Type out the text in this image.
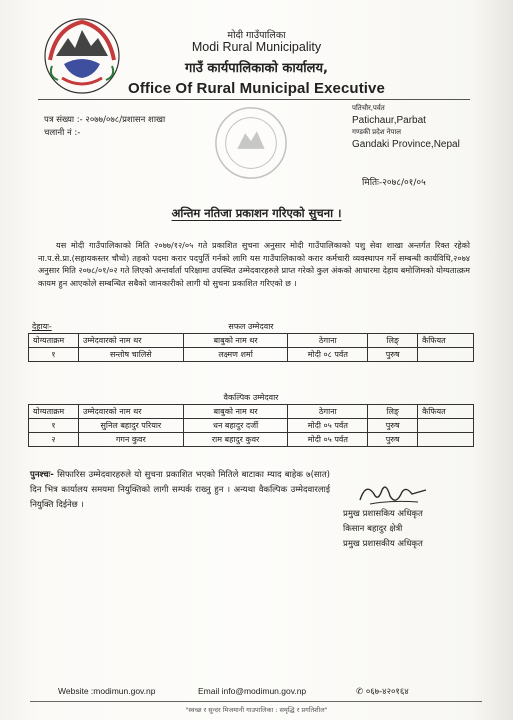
मोदी गाउँपालिका
Modi Rural Municipality
गाउँ कार्यपालिकाको कार्यालय,
Office Of Rural Municipal Executive
पत्र संख्या :- २०७७/०७८/प्रशासन शाखा
चलानी नं :-
पतिचौर,पर्वत
Patichaur,Parbat
गण्डकी प्रदेश नेपाल
Gandaki Province,Nepal
मितिः-२०७८/०१/०५
अन्तिम नतिजा प्रकाशन गरिएको सुचना ।
यस मोदी गाउँपालिकाको मिति २०७७/१२/०५ गते प्रकाशित सुचना अनुसार मोदी गाउँपालिकाको पशु सेवा शाखा अन्तर्गत रिक्त रहेको ना.प.से.प्रा.(सहायकस्तर चौथो) तहको पदमा करार पदपुर्ति गर्नको लागि यस गाउँपालिकाको करार कर्मचारी व्यवस्थापन गर्ने सम्बन्धी कार्यविधि,२०७४ अनुसार मिति २०७८/०१/०२ गते लिएको अन्तर्वार्ता परिक्षामा उपस्थित उम्मेदवारहरुले प्राप्त गरेको कुल अंकको आधारमा देहाय बमोजिमको योग्यतात्क्रम कायम हुन आएकोले सम्बन्धित सबैको जानकारीको लागी यो सुचना प्रकाशित गरिएको छ ।
देहायः-	सफल उम्मेदवार
योग्यताक्रम	उम्मेदवारको नाम थर	बाबुको नाम थर	ठेगाना	लिङ्	कैफियत
१	सन्तोष चालिसे	लक्ष्मण शर्मा	मोदी ०८ पर्वत	पुरुष	
वैकल्पिक उम्मेदवार
योग्यताक्रम	उम्मेदवारको नाम थर	बाबुको नाम थर	ठेगाना	लिङ्	कैफियत
१	सुनिल बहादुर परियार	धन बहादुर दर्जी	मोदी ०५ पर्वत	पुरुष	
२	गगन कुवर	राम बहादुर कुवर	मोदी ०५ पर्वत	पुरुष	
पुनश्चः- सिफारिस उम्मेदवारहरुले यो सुचना प्रकाशित भएको मितिले बाटाका म्याद बाहेक ७(सात) दिन भित्र कार्यालय समयमा नियुक्तिको लागी सम्पर्क राख्नु हुन । अन्यथा वैकल्पिक उम्मेदवारलाई नियुक्ति दिईनेछ ।
प्रमुख प्रशासकिय अधिकृत
किसान बहादुर क्षेत्री
प्रमुख प्रशासकीय अधिकृत
Website :modimun.gov.np	Email info@modimun.gov.np	✆ ०६७-४२०१६४
"स्वच्छ र सुन्दर मिजमानी गाउपालिका : समृद्धि र प्रगतिशील"
